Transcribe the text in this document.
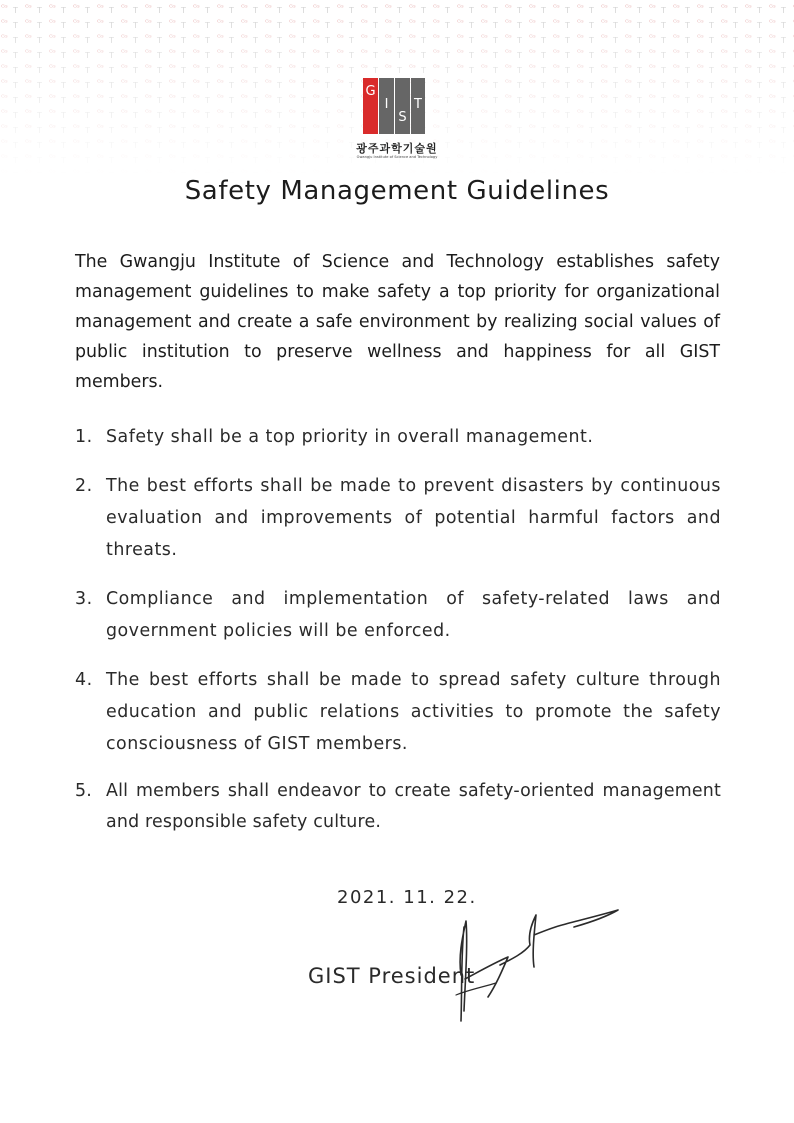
G
I
S
T
광주과학기술원
Gwangju Institute of Science and Technology
Safety Management Guidelines

The Gwangju Institute of Science and Technology establishes safety management guidelines to make safety a top priority for organizational management and create a safe environment by realizing social values of public institution to preserve wellness and happiness for all GIST members.

1. Safety shall be a top priority in overall management.
2. The best efforts shall be made to prevent disasters by continuous evaluation and improvements of potential harmful factors and threats.
3. Compliance and implementation of safety-related laws and government policies will be enforced.
4. The best efforts shall be made to spread safety culture through education and public relations activities to promote the safety consciousness of GIST members.
5. All members shall endeavor to create safety-oriented management and responsible safety culture.
2021. 11. 22.
GIST President
